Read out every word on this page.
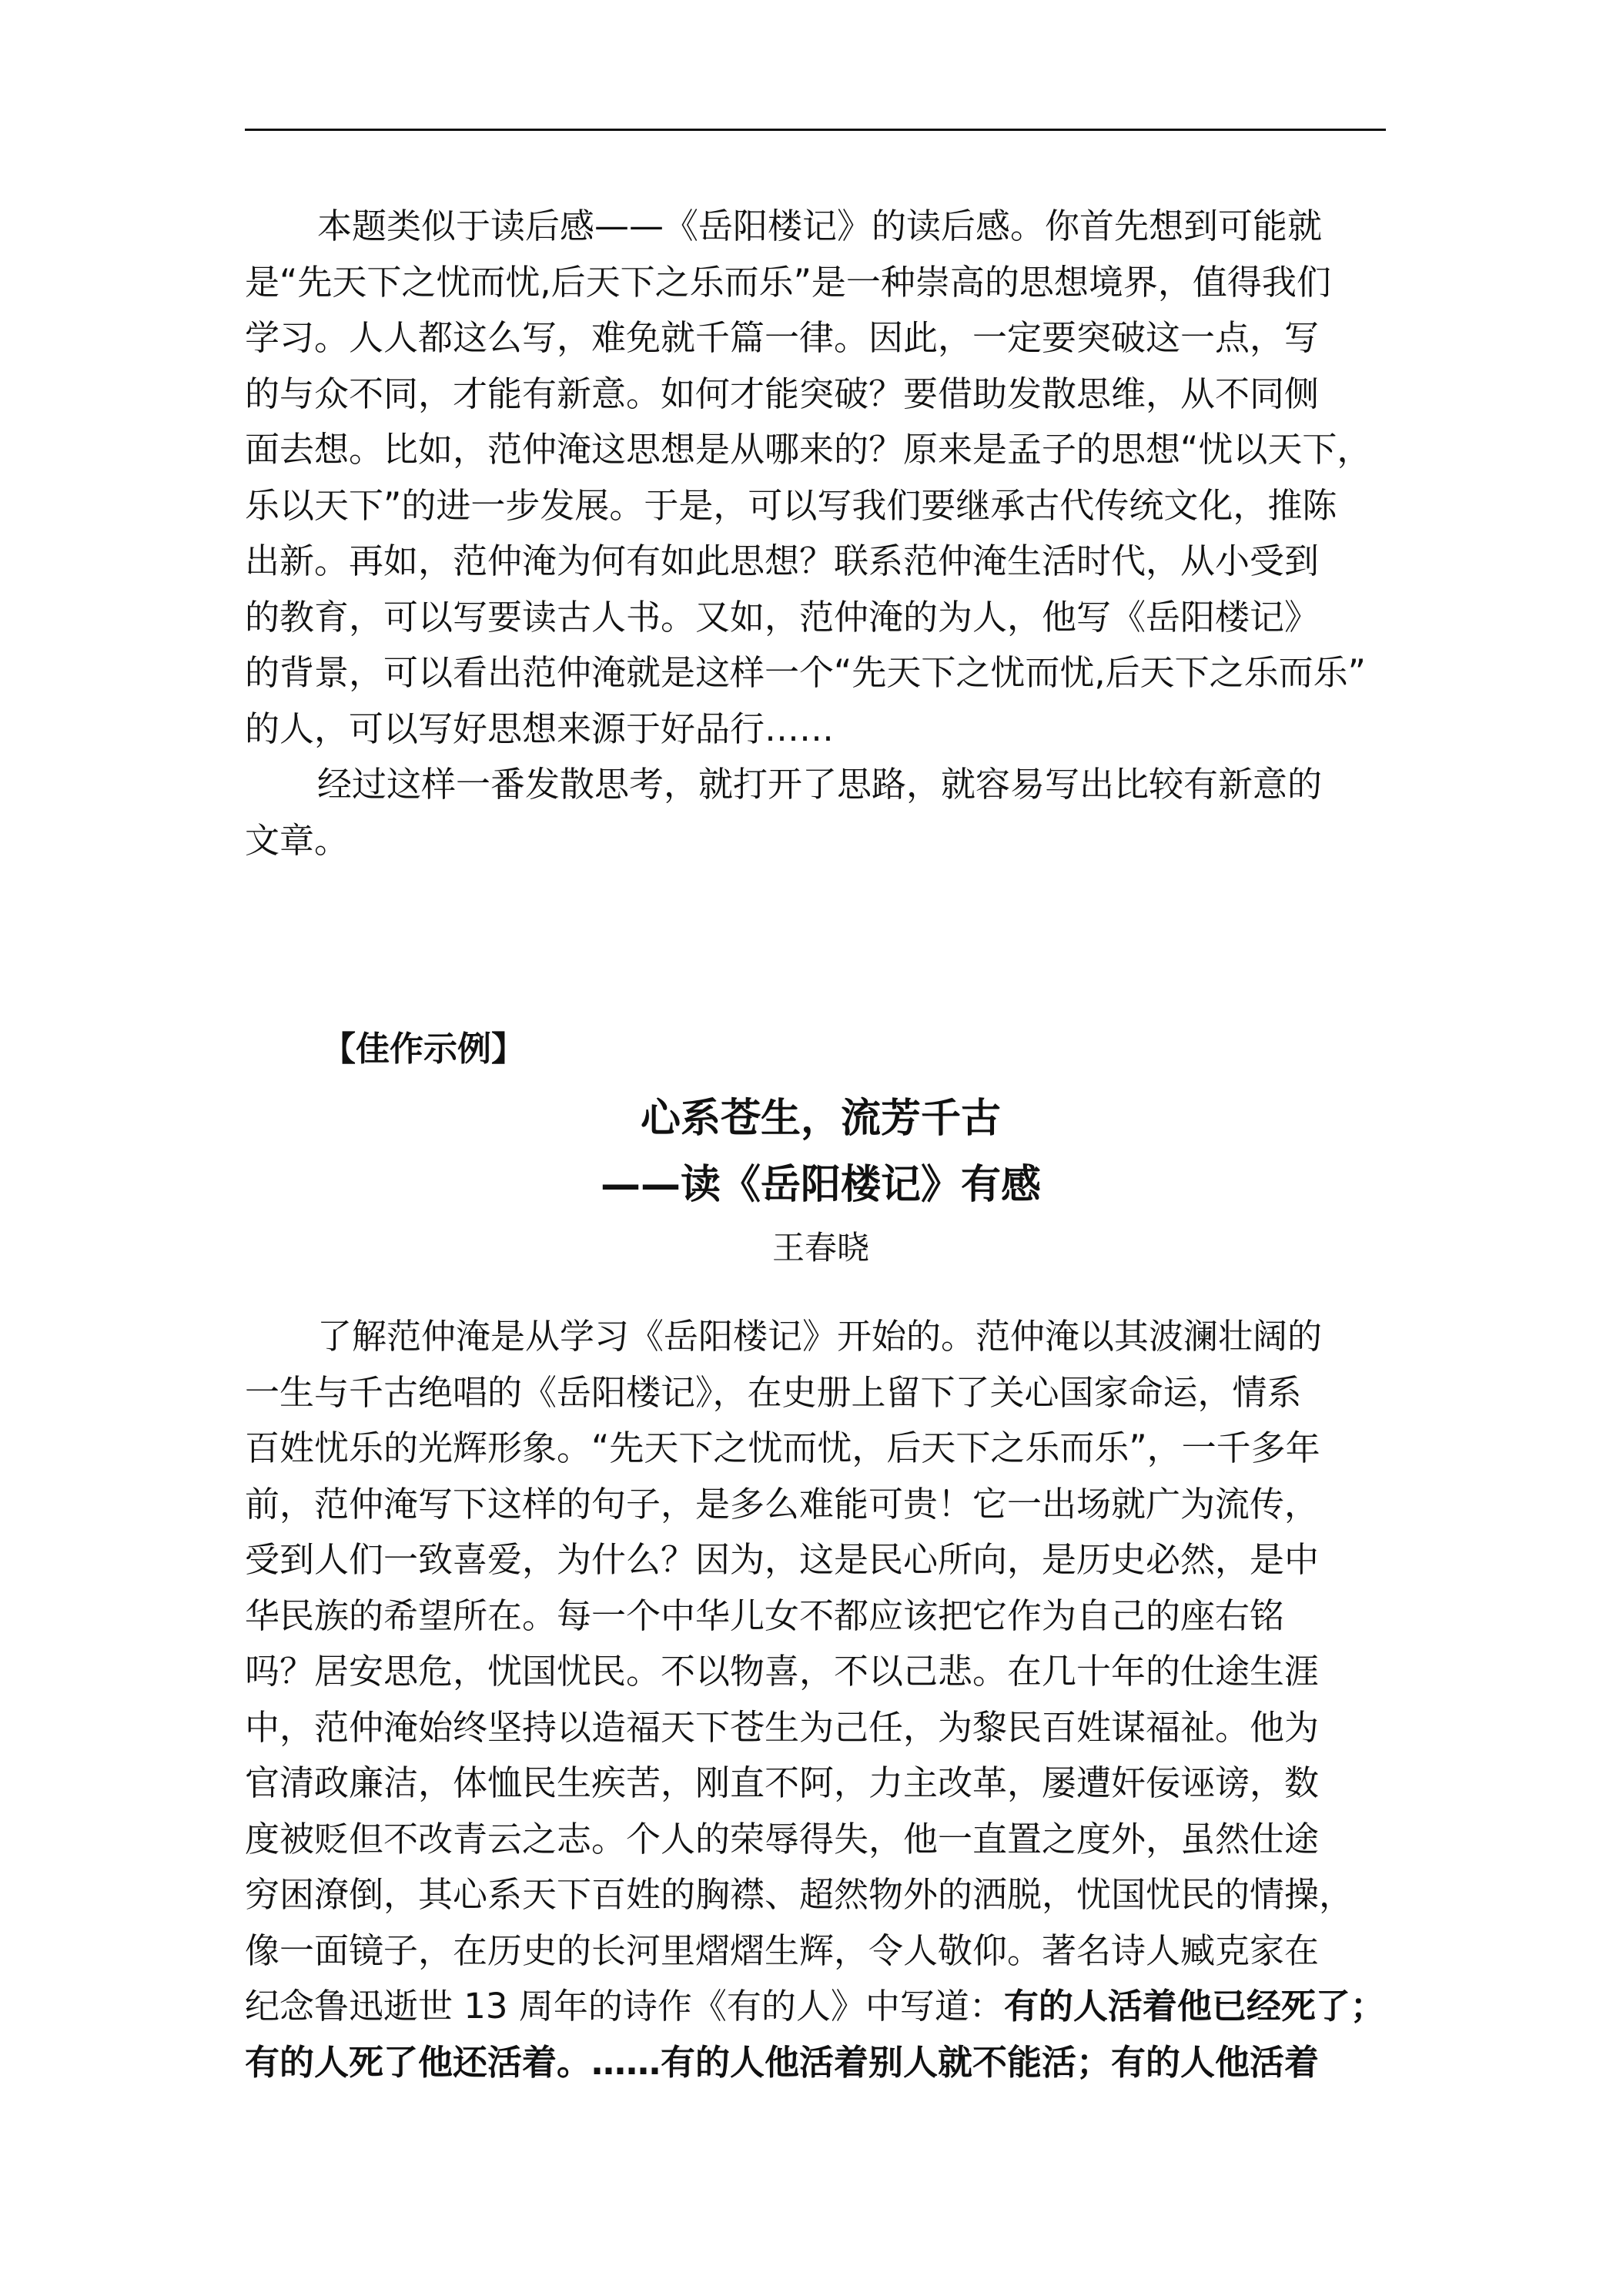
本题类似于读后感——《岳阳楼记》的读后感。你首先想到可能就
是“先天下之忧而忧,后天下之乐而乐”是一种崇高的思想境界，值得我们
学习。人人都这么写，难免就千篇一律。因此，一定要突破这一点，写
的与众不同，才能有新意。如何才能突破？要借助发散思维，从不同侧
面去想。比如，范仲淹这思想是从哪来的？原来是孟子的思想“忧以天下，
乐以天下”的进一步发展。于是，可以写我们要继承古代传统文化，推陈
出新。再如，范仲淹为何有如此思想？联系范仲淹生活时代，从小受到
的教育，可以写要读古人书。又如，范仲淹的为人，他写《岳阳楼记》
的背景，可以看出范仲淹就是这样一个“先天下之忧而忧,后天下之乐而乐”
的人，可以写好思想来源于好品行……
经过这样一番发散思考，就打开了思路，就容易写出比较有新意的
文章。
【佳作示例】
心系苍生，流芳千古
——读《岳阳楼记》有感
王春晓
了解范仲淹是从学习《岳阳楼记》开始的。范仲淹以其波澜壮阔的
一生与千古绝唱的《岳阳楼记》，在史册上留下了关心国家命运，情系
百姓忧乐的光辉形象。“先天下之忧而忧，后天下之乐而乐”，一千多年
前，范仲淹写下这样的句子，是多么难能可贵！它一出场就广为流传，
受到人们一致喜爱，为什么？因为，这是民心所向，是历史必然，是中
华民族的希望所在。每一个中华儿女不都应该把它作为自己的座右铭
吗？居安思危，忧国忧民。不以物喜，不以己悲。在几十年的仕途生涯
中，范仲淹始终坚持以造福天下苍生为己任，为黎民百姓谋福祉。他为
官清政廉洁，体恤民生疾苦，刚直不阿，力主改革，屡遭奸佞诬谤，数
度被贬但不改青云之志。个人的荣辱得失，他一直置之度外，虽然仕途
穷困潦倒，其心系天下百姓的胸襟、超然物外的洒脱，忧国忧民的情操，
像一面镜子，在历史的长河里熠熠生辉，令人敬仰。著名诗人臧克家在
纪念鲁迅逝世 13 周年的诗作《有的人》中写道：有的人活着他已经死了；
有的人死了他还活着。……有的人他活着别人就不能活；有的人他活着
